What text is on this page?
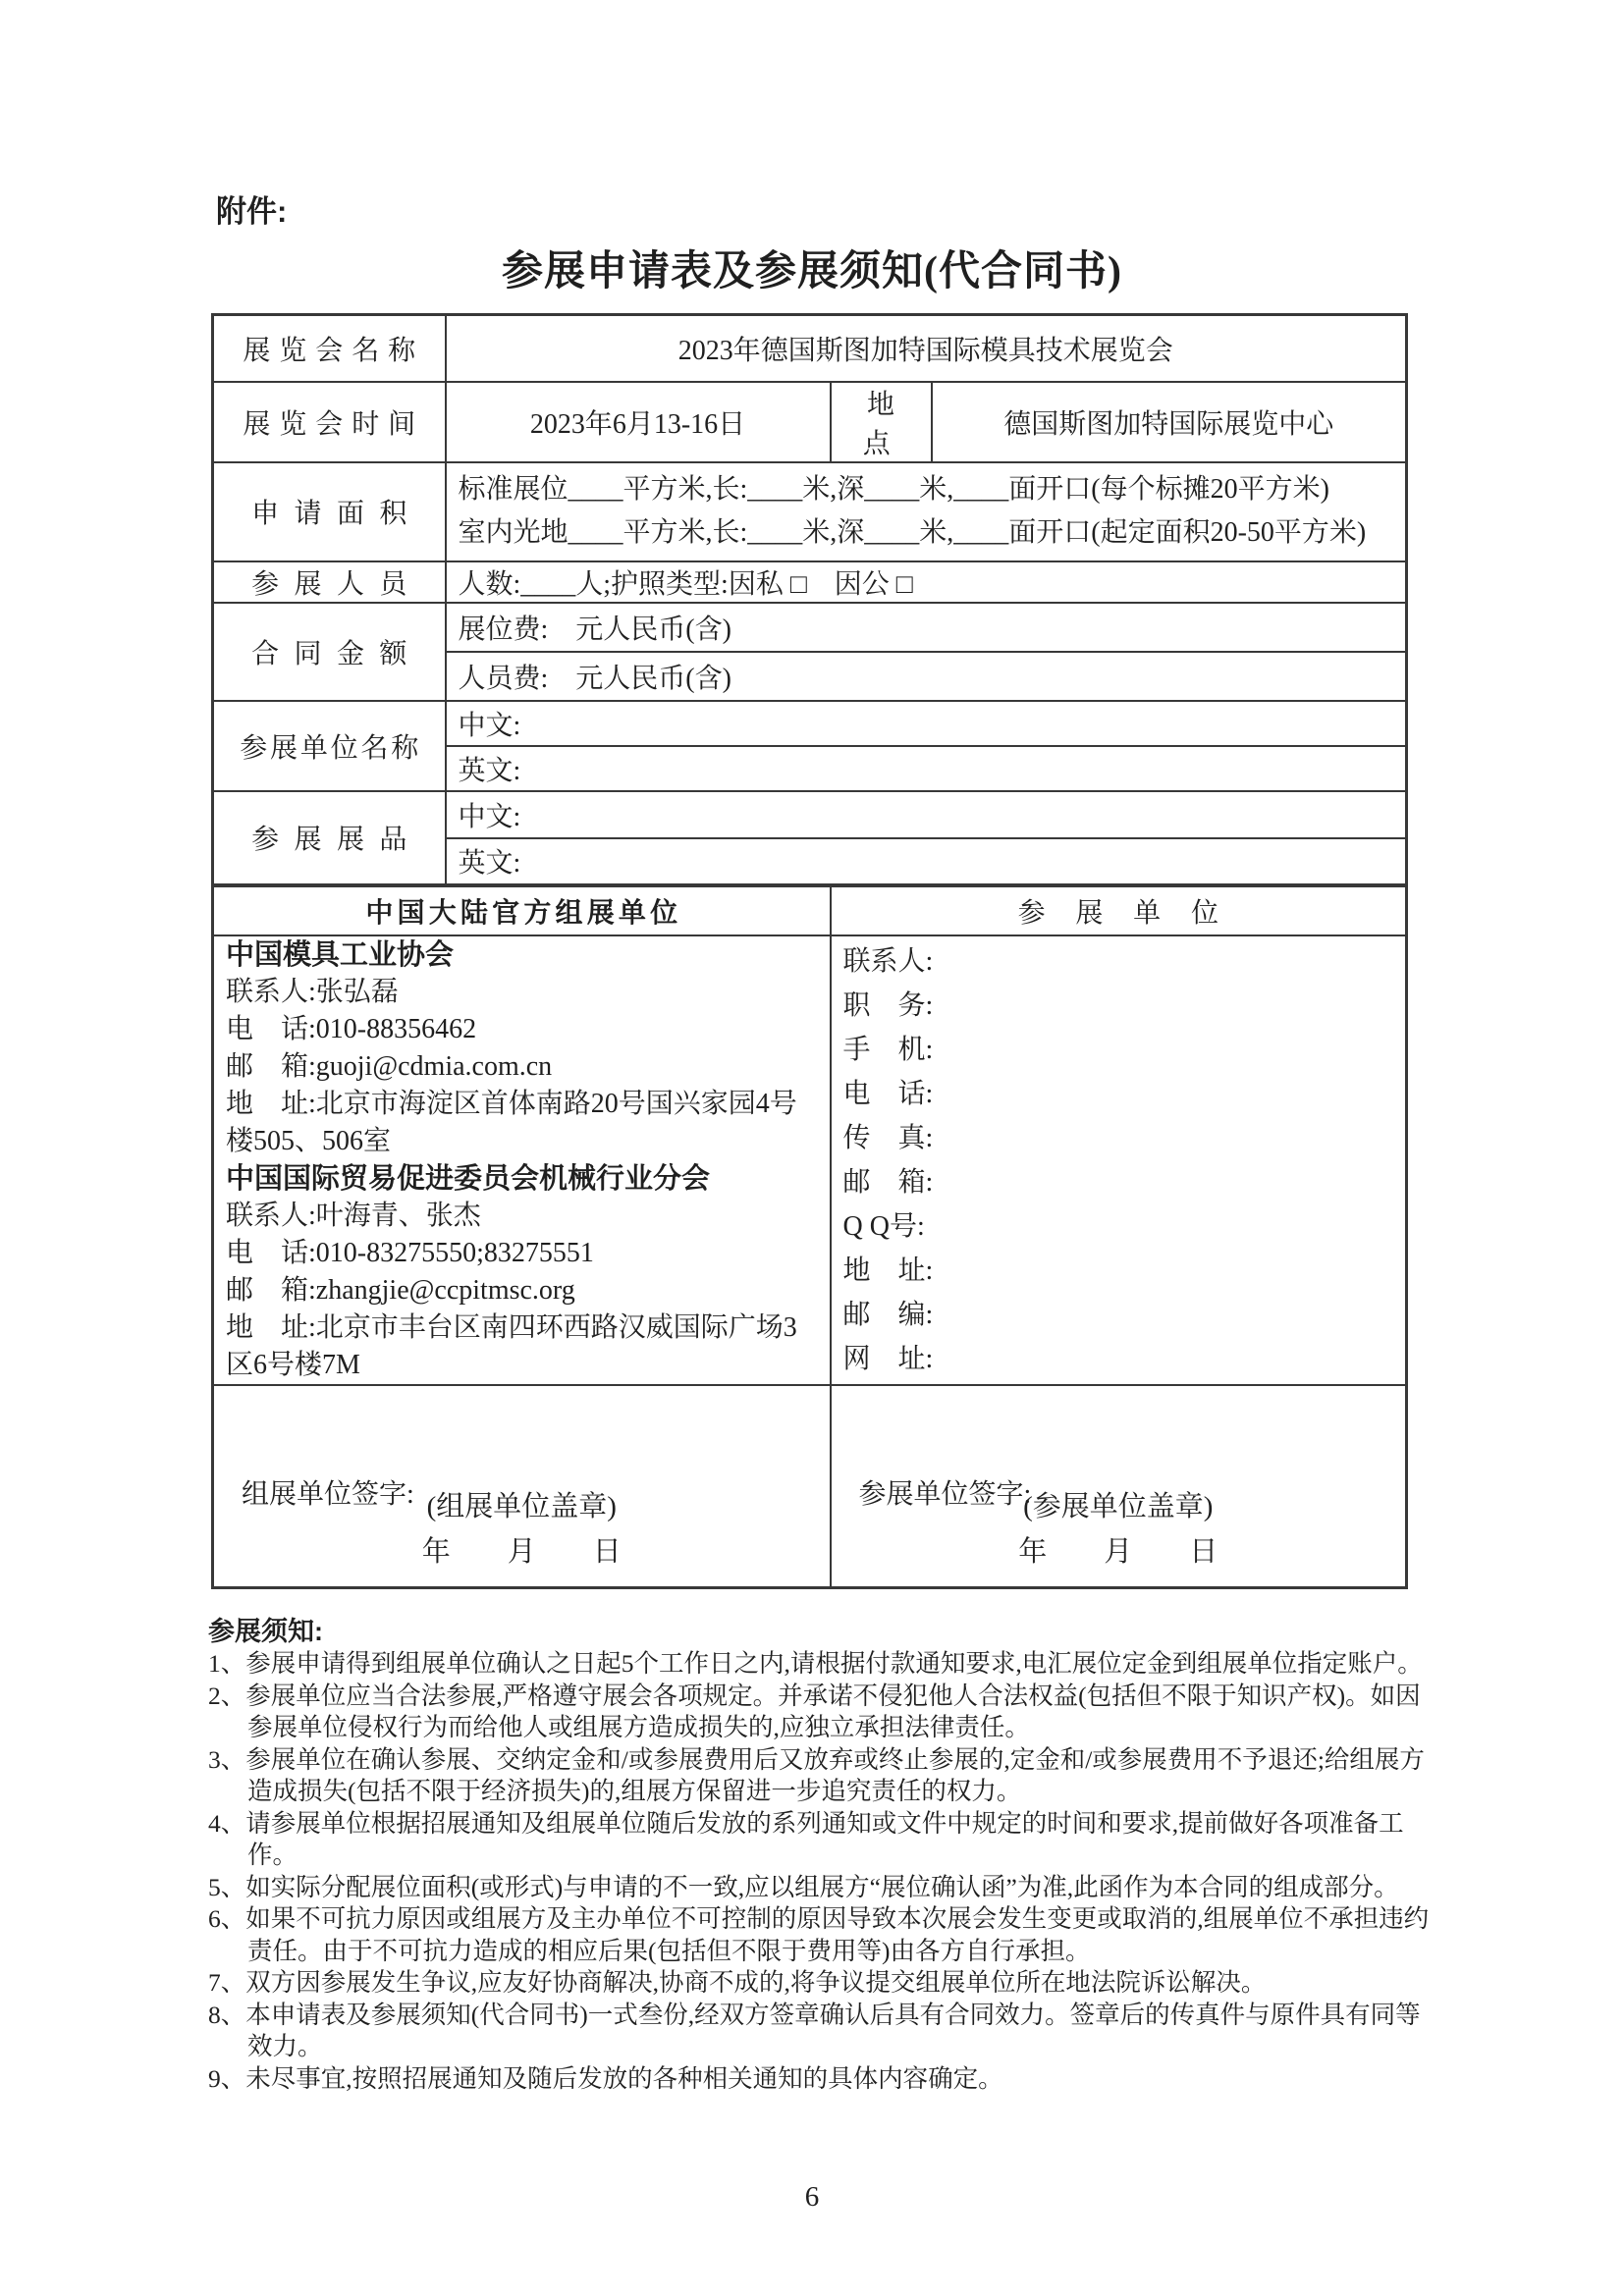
附件:
参展申请表及参展须知(代合同书)
展览会名称	2023年德国斯图加特国际模具技术展览会		
展览会时间	2023年6月13-16日	地点	德国斯图加特国际展览中心
申请面积	标准展位____平方米,长:____米,深____米,____面开口(每个标摊20平方米)
室内光地____平方米,长:____米,深____米,____面开口(起定面积20-50平方米)		

参展人员	人数:____人;护照类型:因私 □　因公 □		
合同金额	展位费:　元人民币(含)		
	人员费:　元人民币(含)		
参展单位名称	中文:		
	英文:		
参展展品	中文:		
	英文:		
中国大陆官方组展单位		参展单位	

中国模具工业协会
联系人:张弘磊
电　话:010-88356462
邮　箱:guoji@cdmia.com.cn
地　址:北京市海淀区首体南路20号国兴家园4号楼505、506室
中国国际贸易促进委员会机械行业分会
联系人:叶海青、张杰
电　话:010-83275550;83275551
邮　箱:zhangjie@ccpitmsc.org
地　址:北京市丰台区南四环西路汉威国际广场3区6号楼7M

联系人:
职　务:
手　机:
电　话:
传　真:
邮　箱:
Q Q号:
地　址:
邮　编:
网　址:

组展单位签字: (组展单位盖章)
年　　月　　日

参展单位签字:
(参展单位盖章)
年　　月　　日
参展须知:
1、参展申请得到组展单位确认之日起5个工作日之内,请根据付款通知要求,电汇展位定金到组展单位指定账户。
2、参展单位应当合法参展,严格遵守展会各项规定。并承诺不侵犯他人合法权益(包括但不限于知识产权)。如因参展单位侵权行为而给他人或组展方造成损失的,应独立承担法律责任。
3、参展单位在确认参展、交纳定金和/或参展费用后又放弃或终止参展的,定金和/或参展费用不予退还;给组展方造成损失(包括不限于经济损失)的,组展方保留进一步追究责任的权力。
4、请参展单位根据招展通知及组展单位随后发放的系列通知或文件中规定的时间和要求,提前做好各项准备工作。
5、如实际分配展位面积(或形式)与申请的不一致,应以组展方“展位确认函”为准,此函作为本合同的组成部分。
6、如果不可抗力原因或组展方及主办单位不可控制的原因导致本次展会发生变更或取消的,组展单位不承担违约责任。由于不可抗力造成的相应后果(包括但不限于费用等)由各方自行承担。
7、双方因参展发生争议,应友好协商解决,协商不成的,将争议提交组展单位所在地法院诉讼解决。
8、本申请表及参展须知(代合同书)一式叁份,经双方签章确认后具有合同效力。签章后的传真件与原件具有同等效力。
9、未尽事宜,按照招展通知及随后发放的各种相关通知的具体内容确定。
6
